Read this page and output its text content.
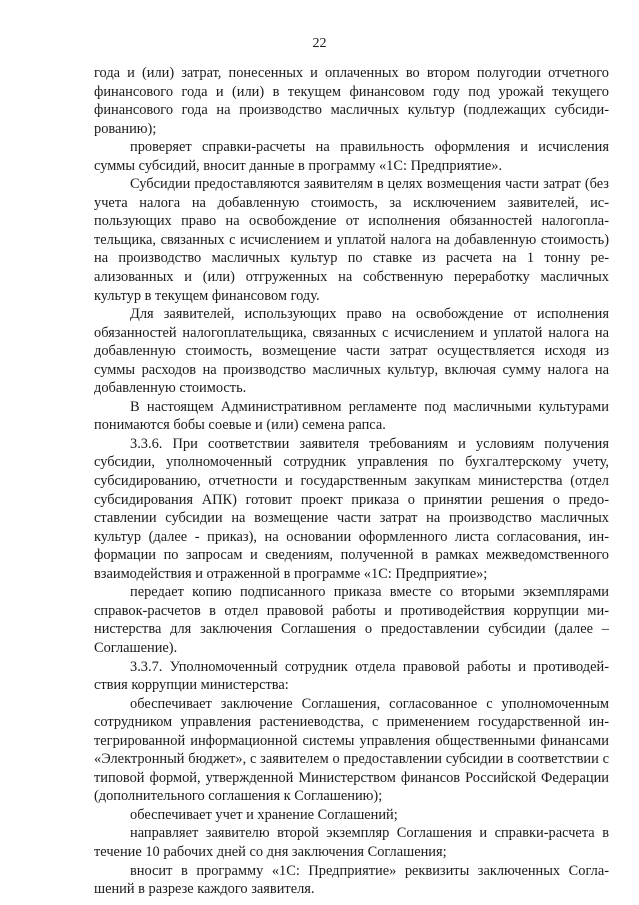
22

года и (или) затрат, понесенных и оплаченных во втором полугодии отчетного финансового года и (или) в текущем финансовом году под урожай текущего финансового года на производство масличных культур (подлежащих субсидированию);

проверяет справки-расчеты на правильность оформления и исчисления суммы субсидий, вносит данные в программу «1С: Предприятие».

Субсидии предоставляются заявителям в целях возмещения части затрат (без учета налога на добавленную стоимость, за исключением заявителей, использующих право на освобождение от исполнения обязанностей налогоплательщика, связанных с исчислением и уплатой налога на добавленную стоимость) на производство масличных культур по ставке из расчета на 1 тонну реализованных и (или) отгруженных на собственную переработку масличных культур в текущем финансовом году.

Для заявителей, использующих право на освобождение от исполнения обязанностей налогоплательщика, связанных с исчислением и уплатой налога на добавленную стоимость, возмещение части затрат осуществляется исходя из суммы расходов на производство масличных культур, включая сумму налога на добавленную стоимость.

В настоящем Административном регламенте под масличными культурами понимаются бобы соевые и (или) семена рапса.

3.3.6. При соответствии заявителя требованиям и условиям получения субсидии, уполномоченный сотрудник управления по бухгалтерскому учету, субсидированию, отчетности и государственным закупкам министерства (отдел субсидирования АПК) готовит проект приказа о принятии решения о предоставлении субсидии на возмещение части затрат на производство масличных культур (далее - приказ), на основании оформленного листа согласования, информации по запросам и сведениям, полученной в рамках межведомственного взаимодействия и отраженной в программе «1С: Предприятие»;

передает копию подписанного приказа вместе со вторыми экземплярами справок-расчетов в отдел правовой работы и противодействия коррупции министерства для заключения Соглашения о предоставлении субсидии (далее – Соглашение).

3.3.7. Уполномоченный сотрудник отдела правовой работы и противодействия коррупции министерства:

обеспечивает заключение Соглашения, согласованное с уполномоченным сотрудником управления растениеводства, с применением государственной интегрированной информационной системы управления общественными финансами «Электронный бюджет», с заявителем о предоставлении субсидии в соответствии с типовой формой, утвержденной Министерством финансов Российской Федерации (дополнительного соглашения к Соглашению);

обеспечивает учет и хранение Соглашений;

направляет заявителю второй экземпляр Соглашения и справки-расчета в течение 10 рабочих дней со дня заключения Соглашения;

вносит в программу «1С: Предприятие» реквизиты заключенных Соглашений в разрезе каждого заявителя.
